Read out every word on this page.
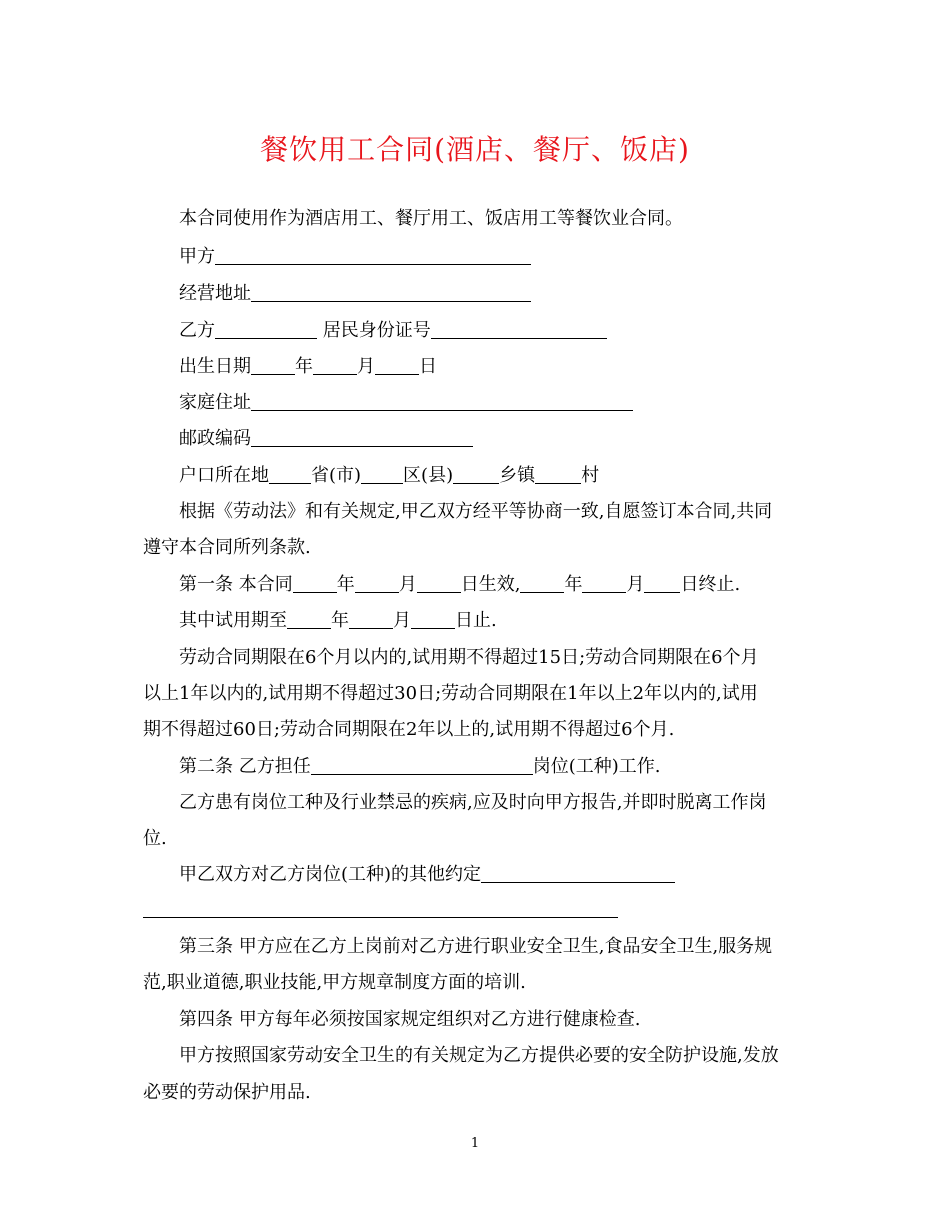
餐饮用工合同(酒店、餐厅、饭店)
本合同使用作为酒店用工、餐厅用工、饭店用工等餐饮业合同。
甲方
经营地址
乙方	居民身份证号
出生日期 年 月 日
家庭住址
邮政编码
户口所在地 省(市) 区(县)	乡镇	村
根据《劳动法》和有关规定,甲乙双方经平等协商一致,自愿签订本合同,共同
遵守本合同所列条款.
第一条 本合同 年 月 日生效, 年 月 日终止.
其中试用期至 年 月 日止.
劳动合同期限在6个月以内的,试用期不得超过15日;劳动合同期限在6个月
以上1年以内的,试用期不得超过30日;劳动合同期限在1年以上2年以内的,试用
期不得超过60日;劳动合同期限在2年以上的,试用期不得超过6个月.
第二条 乙方担任	岗位(工种)工作.
乙方患有岗位工种及行业禁忌的疾病,应及时向甲方报告,并即时脱离工作岗
位.
甲乙双方对乙方岗位(工种)的其他约定
第三条 甲方应在乙方上岗前对乙方进行职业安全卫生,食品安全卫生,服务规
范,职业道德,职业技能,甲方规章制度方面的培训.
第四条 甲方每年必须按国家规定组织对乙方进行健康检查.
甲方按照国家劳动安全卫生的有关规定为乙方提供必要的安全防护设施,发放
必要的劳动保护用品.
1
